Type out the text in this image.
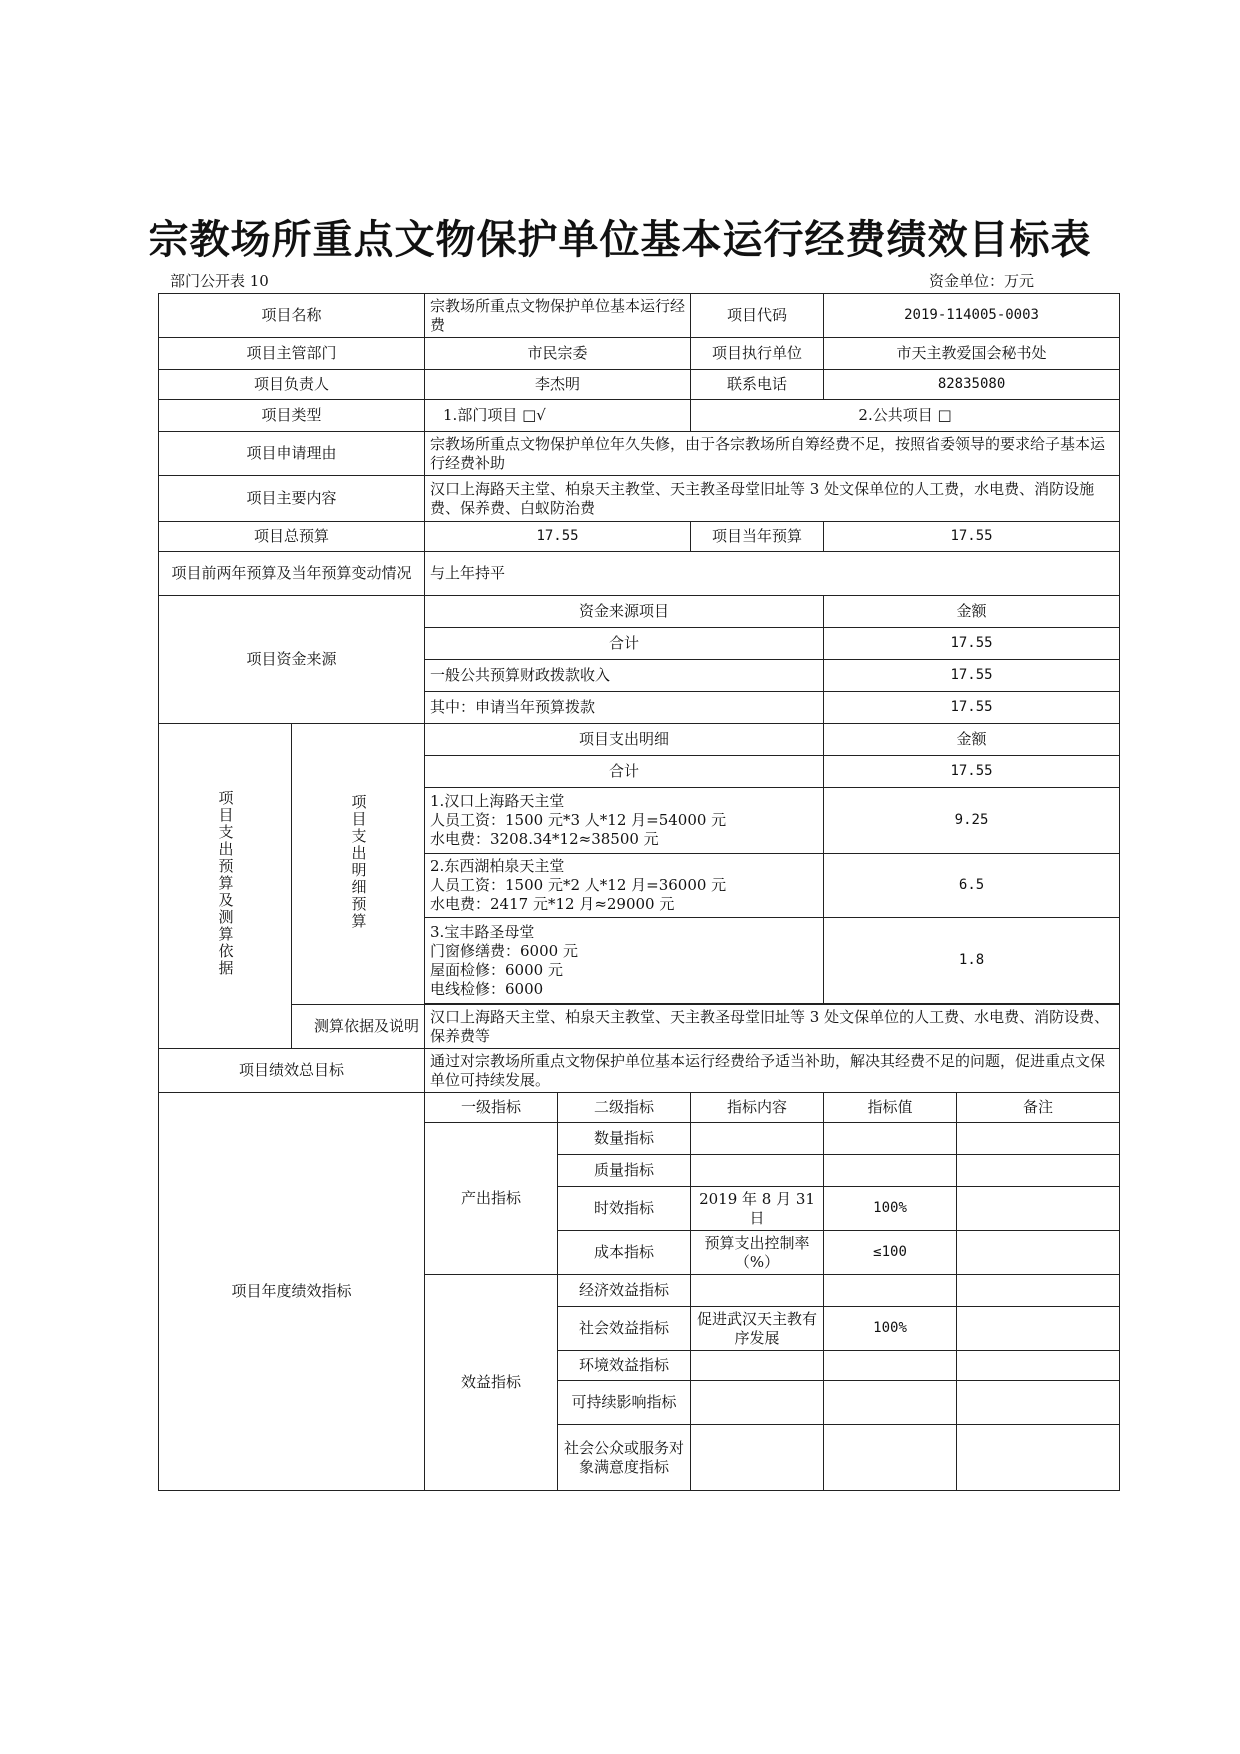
宗教场所重点文物保护单位基本运行经费绩效目标表
部门公开表 10	资金单位：万元
项目名称		宗教场所重点文物保护单位基本运行经费		项目代码	2019-114005-0003	
项目主管部门		市民宗委		项目执行单位	市天主教爱国会秘书处	
项目负责人		李杰明		联系电话	82835080	
项目类型		1.部门项目 □√		2.公共项目 □		
项目申请理由		宗教场所重点文物保护单位年久失修，由于各宗教场所自筹经费不足，按照省委领导的要求给子基本运行经费补助				
项目主要内容		汉口上海路天主堂、柏泉天主教堂、天主教圣母堂旧址等 3 处文保单位的人工费，水电费、消防设施费、保养费、白蚁防治费				
项目总预算		17.55		项目当年预算	17.55	
项目前两年预算及当年预算变动情况		与上年持平				
项目资金来源		资金来源项目			金额	
		合计			17.55	
		一般公共预算财政拨款收入			17.55	
		其中：申请当年预算拨款			17.55	
项目支出预算及测算依据	项目支出明细预算	项目支出明细			金额	
		合计			17.55	

		1.汉口上海路天主堂
人员工资：1500 元*3 人*12 月=54000 元
水电费：3208.34*12≈38500 元			9.25	

		2.东西湖柏泉天主堂
人员工资：1500 元*2 人*12 月=36000 元
水电费：2417 元*12 月≈29000 元			6.5	

		3.宝丰路圣母堂
门窗修缮费：6000 元
屋面检修：6000 元
电线检修：6000			1.8	

	测算依据及说明	汉口上海路天主堂、柏泉天主教堂、天主教圣母堂旧址等 3 处文保单位的人工费、水电费、消防设费、保养费等				
项目绩效总目标		通过对宗教场所重点文物保护单位基本运行经费给予适当补助，解决其经费不足的问题，促进重点文保单位可持续发展。				
项目年度绩效指标		一级指标	二级指标	指标内容	指标值	备注
		产出指标	数量指标			
			质量指标			
			时效指标	2019 年 8 月 31 日	100%	
			成本指标	预算支出控制率（%）	≤100	
		效益指标	经济效益指标			
			社会效益指标	促进武汉天主教有序发展	100%	
			环境效益指标			
			可持续影响指标			
			社会公众或服务对象满意度指标			
